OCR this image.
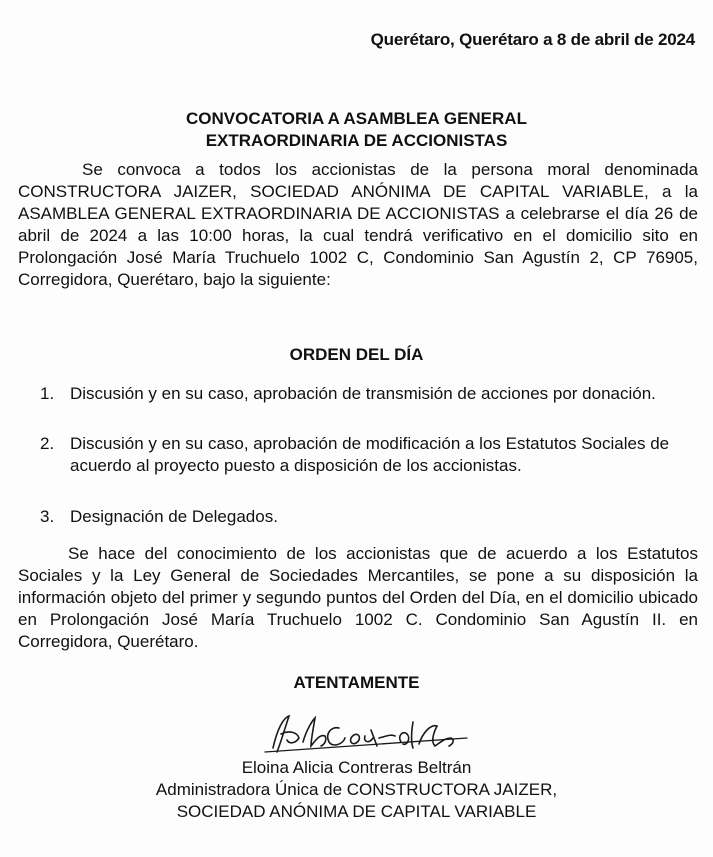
Querétaro, Querétaro a 8 de abril de 2024
CONVOCATORIA A ASAMBLEA GENERAL
EXTRAORDINARIA DE ACCIONISTAS
Se convoca a todos los accionistas de la persona moral denominada CONSTRUCTORA JAIZER, SOCIEDAD ANÓNIMA DE CAPITAL VARIABLE, a la ASAMBLEA GENERAL EXTRAORDINARIA DE ACCIONISTAS a celebrarse el día 26 de abril de 2024 a las 10:00 horas, la cual tendrá verificativo en el domicilio sito en Prolongación José María Truchuelo 1002 C, Condominio San Agustín 2, CP 76905, Corregidora, Querétaro, bajo la siguiente:
ORDEN DEL DÍA
1. Discusión y en su caso, aprobación de transmisión de acciones por donación.
2. Discusión y en su caso, aprobación de modificación a los Estatutos Sociales de acuerdo al proyecto puesto a disposición de los accionistas.
3. Designación de Delegados.
Se hace del conocimiento de los accionistas que de acuerdo a los Estatutos Sociales y la Ley General de Sociedades Mercantiles, se pone a su disposición la información objeto del primer y segundo puntos del Orden del Día, en el domicilio ubicado en Prolongación José María Truchuelo 1002 C. Condominio San Agustín II. en Corregidora, Querétaro.
ATENTAMENTE
Eloina Alicia Contreras Beltrán
Administradora Única de CONSTRUCTORA JAIZER,
SOCIEDAD ANÓNIMA DE CAPITAL VARIABLE
